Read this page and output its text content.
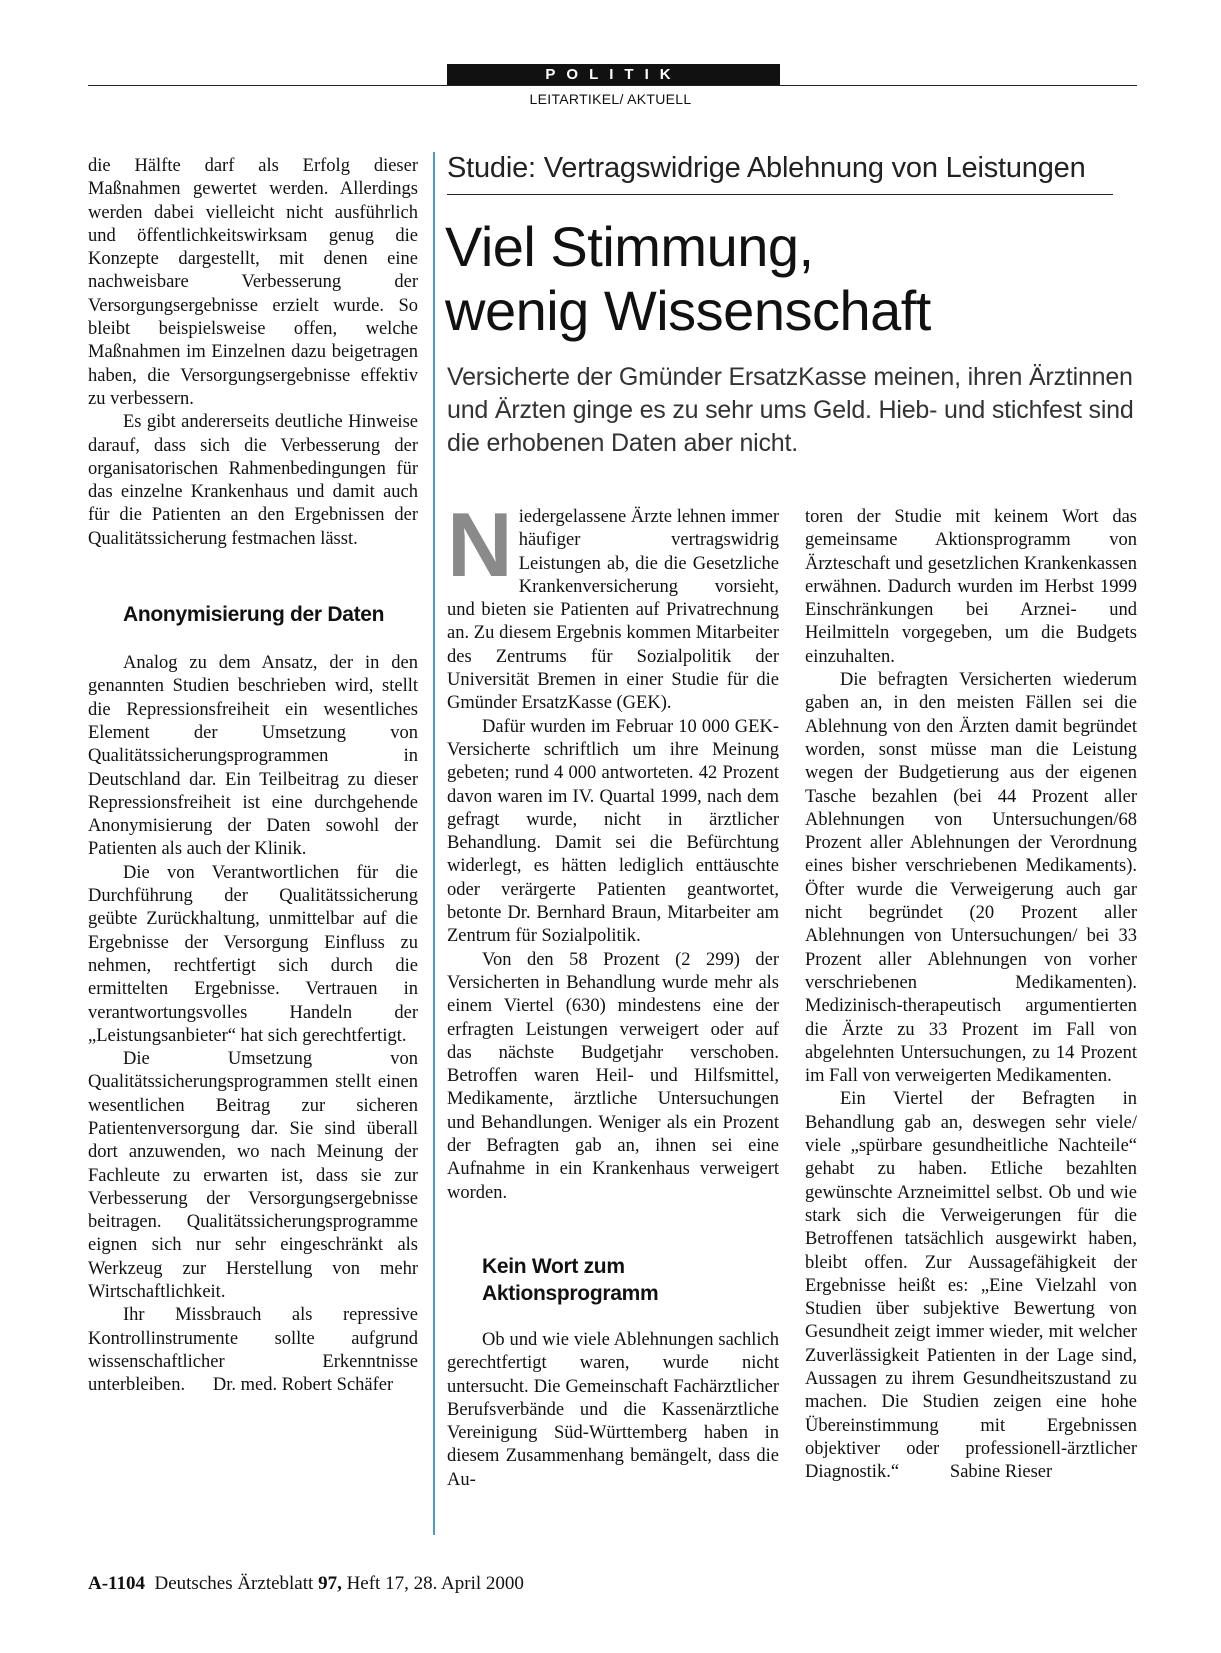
POLITIK
LEITARTIKEL/ AKTUELL

die Hälfte darf als Erfolg dieser Maßnahmen gewertet werden. Allerdings werden dabei vielleicht nicht ausführlich und öffentlichkeitswirksam genug die Konzepte dargestellt, mit denen eine nachweisbare Verbesserung der Versorgungsergebnisse erzielt wurde. So bleibt beispielsweise offen, welche Maßnahmen im Einzelnen dazu beigetragen haben, die Versorgungsergebnisse effektiv zu verbessern.

Es gibt andererseits deutliche Hinweise darauf, dass sich die Verbesserung der organisatorischen Rahmenbedingungen für das einzelne Krankenhaus und damit auch für die Patienten an den Ergebnissen der Qualitätssicherung festmachen lässt.

Anonymisierung der Daten

Analog zu dem Ansatz, der in den genannten Studien beschrieben wird, stellt die Repressionsfreiheit ein wesentliches Element der Umsetzung von Qualitätssicherungsprogrammen in Deutschland dar. Ein Teilbeitrag zu dieser Repressionsfreiheit ist eine durchgehende Anonymisierung der Daten sowohl der Patienten als auch der Klinik.

Die von Verantwortlichen für die Durchführung der Qualitätssicherung geübte Zurückhaltung, unmittelbar auf die Ergebnisse der Versorgung Einfluss zu nehmen, rechtfertigt sich durch die ermittelten Ergebnisse. Vertrauen in verantwortungsvolles Handeln der „Leistungsanbieter“ hat sich gerechtfertigt.

Die Umsetzung von Qualitätssicherungsprogrammen stellt einen wesentlichen Beitrag zur sicheren Patientenversorgung dar. Sie sind überall dort anzuwenden, wo nach Meinung der Fachleute zu erwarten ist, dass sie zur Verbesserung der Versorgungsergebnisse beitragen. Qualitätssicherungsprogramme eignen sich nur sehr eingeschränkt als Werkzeug zur Herstellung von mehr Wirtschaftlichkeit.

Ihr Missbrauch als repressive Kontrollinstrumente sollte aufgrund wissenschaftlicher Erkenntnisse unterbleiben. Dr. med. Robert Schäfer

Studie: Vertragswidrige Ablehnung von Leistungen
Viel Stimmung,
wenig Wissenschaft
Versicherte der Gmünder ErsatzKasse meinen, ihren Ärztinnen und Ärzten ginge es zu sehr ums Geld. Hieb- und stichfest sind die erhobenen Daten aber nicht.

Niedergelassene Ärzte lehnen immer häufiger vertragswidrig Leistungen ab, die die Gesetzliche Krankenversicherung vorsieht, und bieten sie Patienten auf Privatrechnung an. Zu diesem Ergebnis kommen Mitarbeiter des Zentrums für Sozialpolitik der Universität Bremen in einer Studie für die Gmünder ErsatzKasse (GEK).

Dafür wurden im Februar 10 000 GEK-Versicherte schriftlich um ihre Meinung gebeten; rund 4 000 antworteten. 42 Prozent davon waren im IV. Quartal 1999, nach dem gefragt wurde, nicht in ärztlicher Behandlung. Damit sei die Befürchtung widerlegt, es hätten lediglich enttäuschte oder verärgerte Patienten geantwortet, betonte Dr. Bernhard Braun, Mitarbeiter am Zentrum für Sozialpolitik.

Von den 58 Prozent (2 299) der Versicherten in Behandlung wurde mehr als einem Viertel (630) mindestens eine der erfragten Leistungen verweigert oder auf das nächste Budgetjahr verschoben. Betroffen waren Heil- und Hilfsmittel, Medikamente, ärztliche Untersuchungen und Behandlungen. Weniger als ein Prozent der Befragten gab an, ihnen sei eine Aufnahme in ein Krankenhaus verweigert worden.

Kein Wort zum Aktionsprogramm

Ob und wie viele Ablehnungen sachlich gerechtfertigt waren, wurde nicht untersucht. Die Gemeinschaft Fachärztlicher Berufsverbände und die Kassenärztliche Vereinigung Süd-Württemberg haben in diesem Zusammenhang bemängelt, dass die Au-

toren der Studie mit keinem Wort das gemeinsame Aktionsprogramm von Ärzteschaft und gesetzlichen Krankenkassen erwähnen. Dadurch wurden im Herbst 1999 Einschränkungen bei Arznei- und Heilmitteln vorgegeben, um die Budgets einzuhalten.

Die befragten Versicherten wiederum gaben an, in den meisten Fällen sei die Ablehnung von den Ärzten damit begründet worden, sonst müsse man die Leistung wegen der Budgetierung aus der eigenen Tasche bezahlen (bei 44 Prozent aller Ablehnungen von Untersuchungen/68 Prozent aller Ablehnungen der Verordnung eines bisher verschriebenen Medikaments). Öfter wurde die Verweigerung auch gar nicht begründet (20 Prozent aller Ablehnungen von Untersuchungen/ bei 33 Prozent aller Ablehnungen von vorher verschriebenen Medikamenten). Medizinisch-therapeutisch argumentierten die Ärzte zu 33 Prozent im Fall von abgelehnten Untersuchungen, zu 14 Prozent im Fall von verweigerten Medikamenten.

Ein Viertel der Befragten in Behandlung gab an, deswegen sehr viele/ viele „spürbare gesundheitliche Nachteile“ gehabt zu haben. Etliche bezahlten gewünschte Arzneimittel selbst. Ob und wie stark sich die Verweigerungen für die Betroffenen tatsächlich ausgewirkt haben, bleibt offen. Zur Aussagefähigkeit der Ergebnisse heißt es: „Eine Vielzahl von Studien über subjektive Bewertung von Gesundheit zeigt immer wieder, mit welcher Zuverlässigkeit Patienten in der Lage sind, Aussagen zu ihrem Gesundheitszustand zu machen. Die Studien zeigen eine hohe Übereinstimmung mit Ergebnissen objektiver oder professionell-ärztlicher Diagnostik.“	Sabine Rieser

A-1104 Deutsches Ärzteblatt 97, Heft 17, 28. April 2000
